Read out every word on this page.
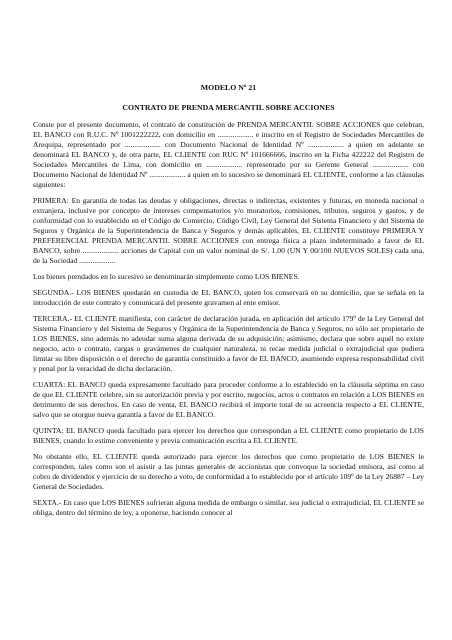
MODELO Nº 21
CONTRATO DE PRENDA MERCANTIL SOBRE ACCIONES

Conste por el presente documento, el contrato de constitución de PRENDA MERCANTIL SOBRE ACCIONES que celebran, EL BANCO con R.U.C. Nº 1001222222, con domicilio en ................... e inscrito en el Registro de Sociedades Mercantiles de Arequipa, representado por ................... con Documento Nacional de Identidad Nº ................... a quien en adelante se denominará EL BANCO y, de otra parte, EL CLIENTE con RUC Nº 101666666, inscrito en la Ficha 422222 del Registro de Sociedades Mercantiles de Lima, con domicilio en ................... representado por su Gerente General ................... con Documento Nacional de Identidad Nº ................... a quien en lo sucesivo se denominará EL CLIENTE, conforme a las cláusulas siguientes:

PRIMERA: En garantía de todas las deudas y obligaciones, directas o indirectas, existentes y futuras, en moneda nacional o extranjera, inclusive por concepto de intereses compensatorios y/o moratorios, comisiones, tributos, seguros y gastos, y de conformidad con lo establecido en el Código de Comercio, Código Civil, Ley General del Sistema Financiero y del Sistema de Seguros y Orgánica de la Superintendencia de Banca y Seguros y demás aplicables, EL CLIENTE constituye PRIMERA Y PREFERENCIAL PRENDA MERCANTIL SOBRE ACCIONES con entrega física a plazo indeterminado a favor de EL BANCO, sobre ................... acciones de Capital con un valor nominal de S/. 1.00 (UN Y 00/100 NUEVOS SOLES) cada una, de la Sociedad ...................

Los bienes prendados en lo sucesivo se denominarán simplemente como LOS BIENES.

SEGUNDA.- LOS BIENES quedarán en custodia de EL BANCO, quien los conservará en su domicilio, que se señala en la introducción de este contrato y comunicará del presente gravamen al ente emisor.

TERCERA.- EL CLIENTE manifiesta, con carácter de declaración jurada, en aplicación del artículo 179º de la Ley General del Sistema Financiero y del Sistema de Seguros y Orgánica de la Superintendencia de Banca y Seguros, no sólo ser propietario de LOS BIENES, sino además no adeudar suma alguna derivada de su adquisición; asimismo, declara que sobre aquél no existe negocio, acto o contrato, cargas o gravámenes de cualquier naturaleza, ni recae medida judicial o extrajudicial que pudiera limitar su libre disposición o el derecho de garantía constituido a favor de EL BANCO, asumiendo expresa responsabilidad civil y penal por la veracidad de dicha declaración.

CUARTA: EL BANCO queda expresamente facultado para proceder conforme a lo establecido en la cláusula séptima en caso de que EL CLIENTE celebre, sin su autorización previa y por escrito, negocios, actos o contratos en relación a LOS BIENES en detrimento de sus derechos. En caso de venta, EL BANCO recibirá el importe total de su acreencia respecto a EL CLIENTE, salvo que se otorgue nueva garantía a favor de EL BANCO.

QUINTA: EL BANCO queda facultado para ejercer los derechos que correspondan a EL CLIENTE como propietario de LOS BIENES, cuando lo estime conveniente y previa comunicación escrita a EL CLIENTE.

No obstante ello, EL CLIENTE queda autorizado para ejercer los derechos que como propietario de LOS BIENES le corresponden, tales como son el asistir a las juntas generales de accionistas que convoque la sociedad emisora, así como al cobro de dividendos y ejercicio de su derecho a voto, de conformidad a lo establecido por el artículo 109º de la Ley 26887 – Ley General de Sociedades.

SEXTA.- En caso que LOS BIENES sufrieran alguna medida de embargo o similar, sea judicial o extrajudicial, EL CLIENTE se obliga, dentro del término de ley, a oponerse, haciendo conocer al
